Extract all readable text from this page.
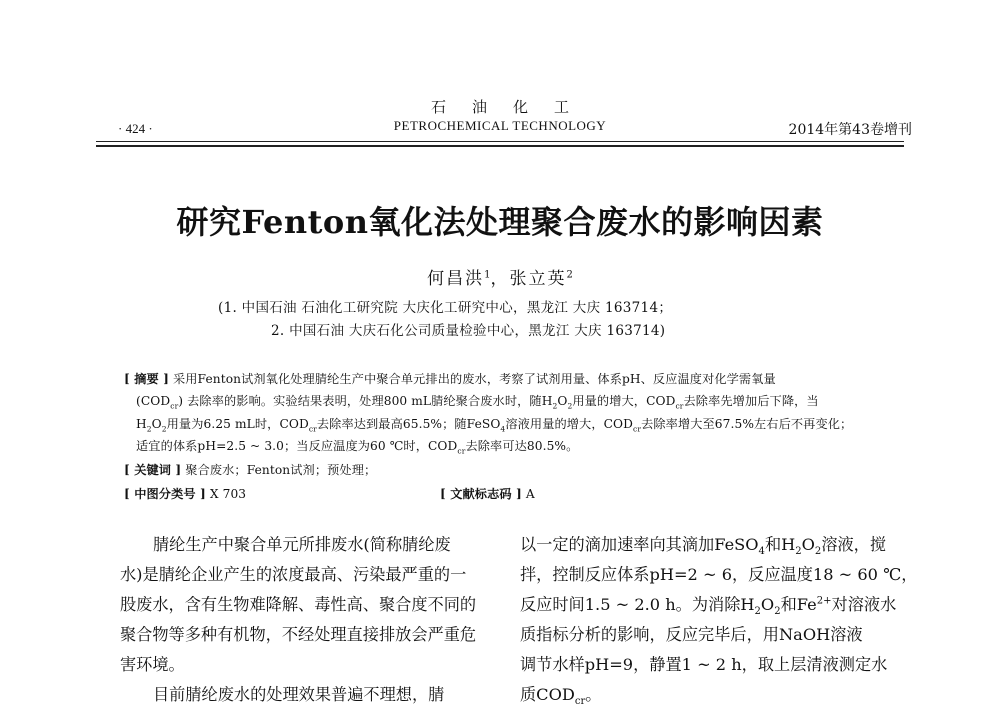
石油化工
PETROCHEMICAL TECHNOLOGY
· 424 ·	2014年第43卷增刊
研究Fenton氧化法处理聚合废水的影响因素
何昌洪$^1$，张立英$^2$
(1. 中国石油 石油化工研究院 大庆化工研究中心，黑龙江 大庆 163714；
2. 中国石油 大庆石化公司质量检验中心，黑龙江 大庆 163714)
[ 摘要 ] 采用Fenton试剂氧化处理腈纶生产中聚合单元排出的废水，考察了试剂用量、体系pH、反应温度对化学需氧量
$(COD_{cr})$ 去除率的影响。实验结果表明，处理800 mL腈纶聚合废水时，随$H_2O_2$用量的增大，$COD_{cr}$去除率先增加后下降，当
$H_2O_2$用量为6.25 mL时，$COD_{cr}$去除率达到最高65.5%；随FeSO$_4$溶液用量的增大，$COD_{cr}$去除率增大至67.5%左右后不再变化；
适宜的体系pH=2.5 ~ 3.0；当反应温度为60 ℃时，$COD_{cr}$去除率可达80.5%。
[ 关键词 ] 聚合废水；Fenton试剂；预处理；
[ 中图分类号 ] X 703	[ 文献标志码 ] A

腈纶生产中聚合单元所排废水(简称腈纶废

水)是腈纶企业产生的浓度最高、污染最严重的一

股废水，含有生物难降解、毒性高、聚合度不同的

聚合物等多种有机物，不经处理直接排放会严重危

害环境。

目前腈纶废水的处理效果普遍不理想，腈

以一定的滴加速率向其滴加FeSO$_4$和$H_2O_2$溶液，搅

拌，控制反应体系pH=2 ~ 6，反应温度18 ~ 60 ℃，

反应时间1.5 ~ 2.0 h。为消除$H_2O_2$和$Fe^{2+}$对溶液水

质指标分析的影响，反应完毕后，用NaOH溶液

调节水样pH=9，静置1 ~ 2 h，取上层清液测定水

质$COD_{cr}$。
